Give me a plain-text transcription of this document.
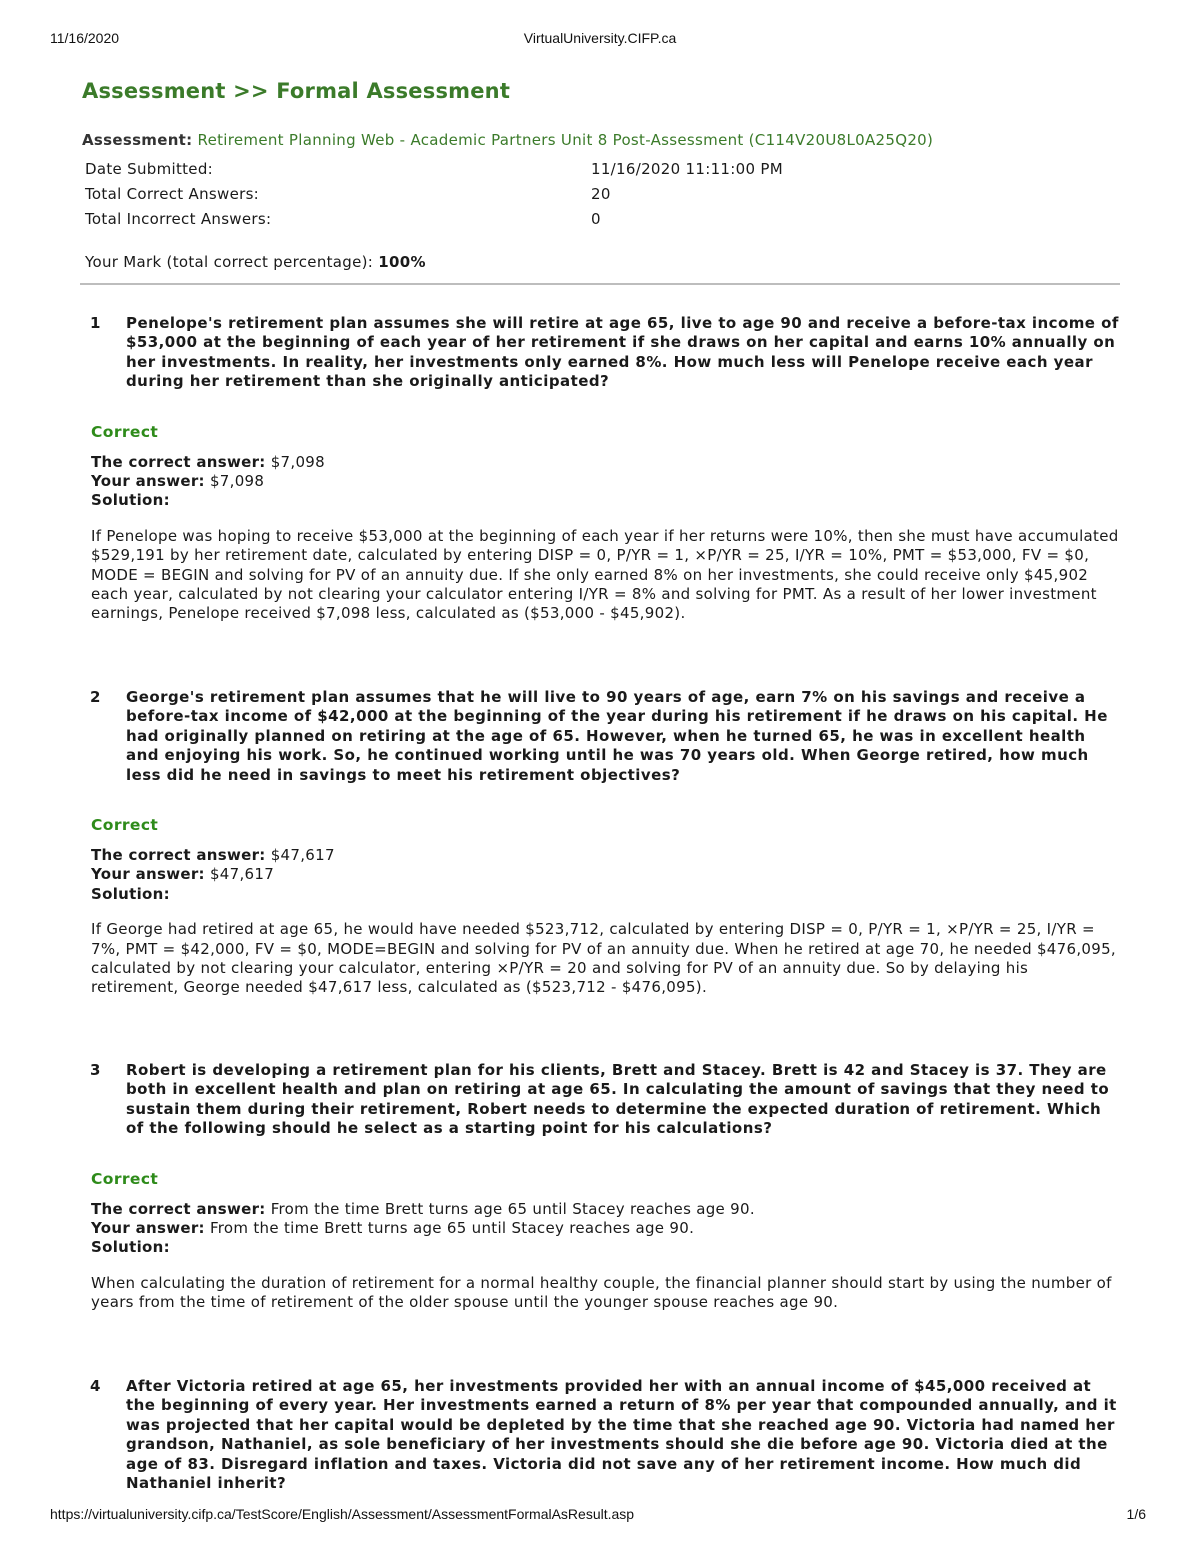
11/16/2020	VirtualUniversity.CIFP.ca
Assessment >> Formal Assessment
Assessment: Retirement Planning Web - Academic Partners Unit 8 Post-Assessment (C114V20U8L0A25Q20)
Date Submitted:	11/16/2020 11:11:00 PM
Total Correct Answers:	20
Total Incorrect Answers:	0
Your Mark (total correct percentage): 100%
1 Penelope's retirement plan assumes she will retire at age 65, live to age 90 and receive a before-tax income of $53,000 at the beginning of each year of her retirement if she draws on her capital and earns 10% annually on her investments. In reality, her investments only earned 8%. How much less will Penelope receive each year during her retirement than she originally anticipated?
Correct
The correct answer: $7,098
Your answer: $7,098
Solution:
If Penelope was hoping to receive $53,000 at the beginning of each year if her returns were 10%, then she must have accumulated $529,191 by her retirement date, calculated by entering DISP = 0, P/YR = 1, ×P/YR = 25, I/YR = 10%, PMT = $53,000, FV = $0, MODE = BEGIN and solving for PV of an annuity due. If she only earned 8% on her investments, she could receive only $45,902 each year, calculated by not clearing your calculator entering I/YR = 8% and solving for PMT. As a result of her lower investment earnings, Penelope received $7,098 less, calculated as ($53,000 - $45,902).
2 George's retirement plan assumes that he will live to 90 years of age, earn 7% on his savings and receive a before-tax income of $42,000 at the beginning of the year during his retirement if he draws on his capital. He had originally planned on retiring at the age of 65. However, when he turned 65, he was in excellent health and enjoying his work. So, he continued working until he was 70 years old. When George retired, how much less did he need in savings to meet his retirement objectives?
Correct
The correct answer: $47,617
Your answer: $47,617
Solution:
If George had retired at age 65, he would have needed $523,712, calculated by entering DISP = 0, P/YR = 1, ×P/YR = 25, I/YR = 7%, PMT = $42,000, FV = $0, MODE=BEGIN and solving for PV of an annuity due. When he retired at age 70, he needed $476,095, calculated by not clearing your calculator, entering ×P/YR = 20 and solving for PV of an annuity due. So by delaying his retirement, George needed $47,617 less, calculated as ($523,712 - $476,095).
3 Robert is developing a retirement plan for his clients, Brett and Stacey. Brett is 42 and Stacey is 37. They are both in excellent health and plan on retiring at age 65. In calculating the amount of savings that they need to sustain them during their retirement, Robert needs to determine the expected duration of retirement. Which of the following should he select as a starting point for his calculations?
Correct
The correct answer: From the time Brett turns age 65 until Stacey reaches age 90.
Your answer: From the time Brett turns age 65 until Stacey reaches age 90.
Solution:
When calculating the duration of retirement for a normal healthy couple, the financial planner should start by using the number of years from the time of retirement of the older spouse until the younger spouse reaches age 90.
4 After Victoria retired at age 65, her investments provided her with an annual income of $45,000 received at the beginning of every year. Her investments earned a return of 8% per year that compounded annually, and it was projected that her capital would be depleted by the time that she reached age 90. Victoria had named her grandson, Nathaniel, as sole beneficiary of her investments should she die before age 90. Victoria died at the age of 83. Disregard inflation and taxes. Victoria did not save any of her retirement income. How much did Nathaniel inherit?
https://virtualuniversity.cifp.ca/TestScore/English/Assessment/AssessmentFormalAsResult.asp	1/6
